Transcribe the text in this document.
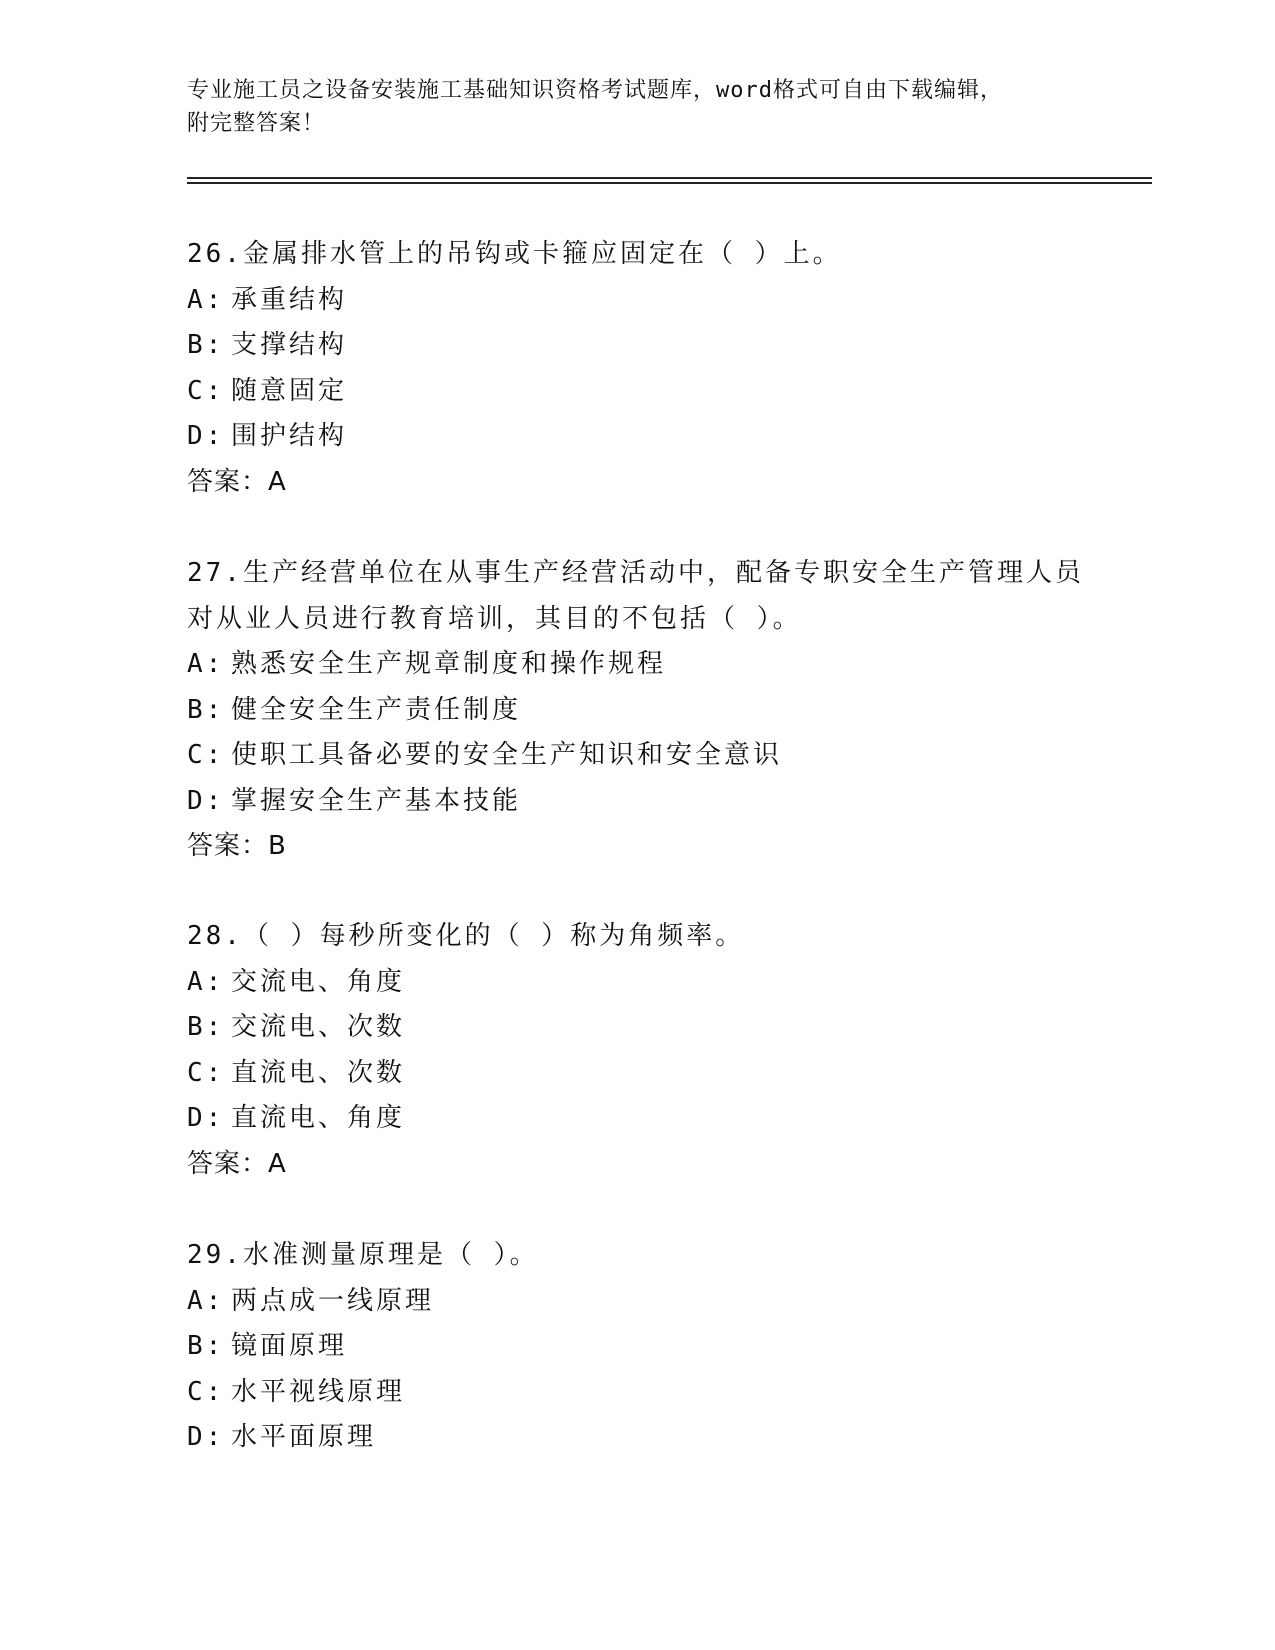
专业施工员之设备安装施工基础知识资格考试题库，word格式可自由下载编辑，
附完整答案！
26.金属排水管上的吊钩或卡箍应固定在（ ）上。
A: 承重结构
B: 支撑结构
C: 随意固定
D: 围护结构
答案：A
27.生产经营单位在从事生产经营活动中，配备专职安全生产管理人员
对从业人员进行教育培训，其目的不包括（ ）。
A: 熟悉安全生产规章制度和操作规程
B: 健全安全生产责任制度
C: 使职工具备必要的安全生产知识和安全意识
D: 掌握安全生产基本技能
答案：B
28.（ ）每秒所变化的（ ）称为角频率。
A: 交流电、角度
B: 交流电、次数
C: 直流电、次数
D: 直流电、角度
答案：A
29.水准测量原理是（ ）。
A: 两点成一线原理
B: 镜面原理
C: 水平视线原理
D: 水平面原理
